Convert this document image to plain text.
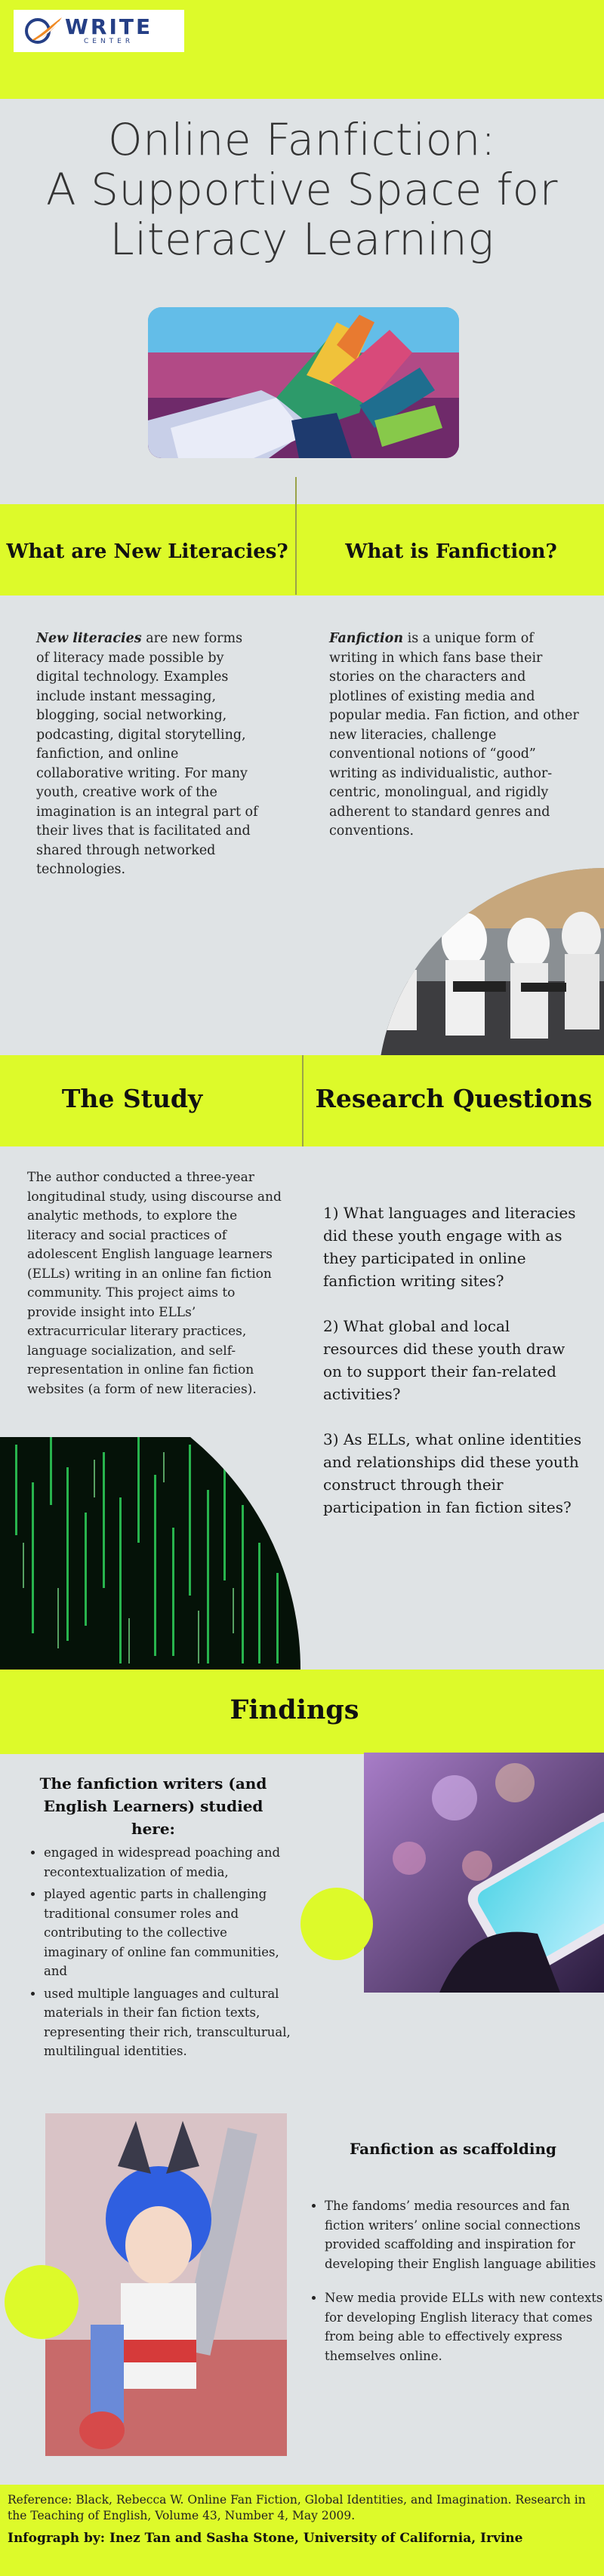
WRITE
CENTER
Online Fanfiction:
A Supportive Space for
Literacy Learning
What are New Literacies?	What is Fanfiction?
New literacies are new forms of literacy made possible by digital technology. Examples include instant messaging, blogging, social networking, podcasting, digital storytelling, fanfiction, and online collaborative writing. For many youth, creative work of the imagination is an integral part of their lives that is facilitated and shared through networked technologies.
Fanfiction is a unique form of writing in which fans base their stories on the characters and plotlines of existing media and popular media. Fan fiction, and other new literacies, challenge conventional notions of “good” writing as individualistic, author-centric, monolingual, and rigidly adherent to standard genres and conventions.
The Study	Research Questions
The author conducted a three-year longitudinal study, using discourse and analytic methods, to explore the literacy and social practices of adolescent English language learners (ELLs) writing in an online fan fiction community. This project aims to provide insight into ELLs’ extracurricular literary practices, language socialization, and self-representation in online fan fiction websites (a form of new literacies).
1) What languages and literacies did these youth engage with as they participated in online fanfiction writing sites?
2) What global and local resources did these youth draw on to support their fan-related activities?
3) As ELLs, what online identities and relationships did these youth construct through their participation in fan fiction sites?
Findings
The fanfiction writers (and English Learners) studied here:
• engaged in widespread poaching and recontextualization of media,
• played agentic parts in challenging traditional consumer roles and contributing to the collective imaginary of online fan communities, and
• used multiple languages and cultural materials in their fan fiction texts, representing their rich, transculturual, multilingual identities.
Fanfiction as scaffolding
• The fandoms’ media resources and fan fiction writers’ online social connections provided scaffolding and inspiration for developing their English language abilities
• New media provide ELLs with new contexts for developing English literacy that comes from being able to effectively express themselves online.
Reference: Black, Rebecca W. Online Fan Fiction, Global Identities, and Imagination. Research in the Teaching of English, Volume 43, Number 4, May 2009.
Infograph by: Inez Tan and Sasha Stone, University of California, Irvine
